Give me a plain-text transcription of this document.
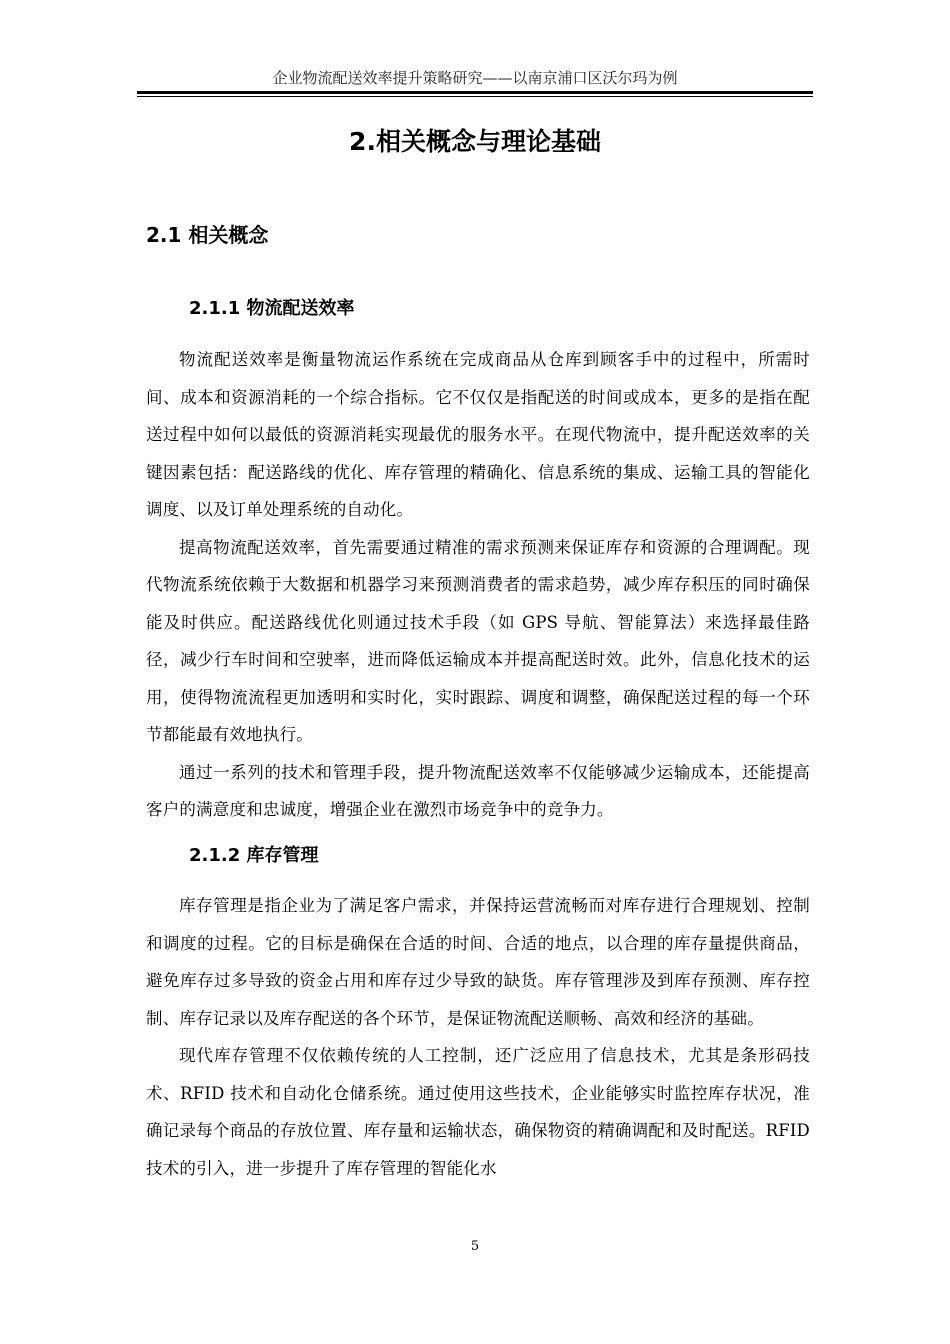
企业物流配送效率提升策略研究——以南京浦口区沃尔玛为例
2.相关概念与理论基础
2.1 相关概念
2.1.1 物流配送效率

物流配送效率是衡量物流运作系统在完成商品从仓库到顾客手中的过程中，所需时间、成本和资源消耗的一个综合指标。它不仅仅是指配送的时间或成本，更多的是指在配送过程中如何以最低的资源消耗实现最优的服务水平。在现代物流中，提升配送效率的关键因素包括：配送路线的优化、库存管理的精确化、信息系统的集成、运输工具的智能化调度、以及订单处理系统的自动化。

提高物流配送效率，首先需要通过精准的需求预测来保证库存和资源的合理调配。现代物流系统依赖于大数据和机器学习来预测消费者的需求趋势，减少库存积压的同时确保能及时供应。配送路线优化则通过技术手段（如 GPS 导航、智能算法）来选择最佳路径，减少行车时间和空驶率，进而降低运输成本并提高配送时效。此外，信息化技术的运用，使得物流流程更加透明和实时化，实时跟踪、调度和调整，确保配送过程的每一个环节都能最有效地执行。

通过一系列的技术和管理手段，提升物流配送效率不仅能够减少运输成本，还能提高客户的满意度和忠诚度，增强企业在激烈市场竞争中的竞争力。

2.1.2 库存管理

库存管理是指企业为了满足客户需求，并保持运营流畅而对库存进行合理规划、控制和调度的过程。它的目标是确保在合适的时间、合适的地点，以合理的库存量提供商品，避免库存过多导致的资金占用和库存过少导致的缺货。库存管理涉及到库存预测、库存控制、库存记录以及库存配送的各个环节，是保证物流配送顺畅、高效和经济的基础。

现代库存管理不仅依赖传统的人工控制，还广泛应用了信息技术，尤其是条形码技术、RFID 技术和自动化仓储系统。通过使用这些技术，企业能够实时监控库存状况，准确记录每个商品的存放位置、库存量和运输状态，确保物资的精确调配和及时配送。RFID 技术的引入，进一步提升了库存管理的智能化水

5
